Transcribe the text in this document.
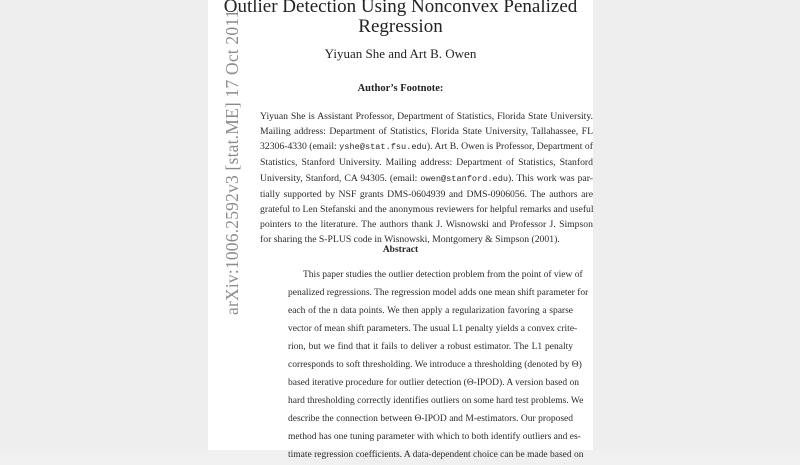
Outlier Detection Using Nonconvex Penalized
Regression
Yiyuan She and Art B. Owen
Author’s Footnote:
Yiyuan She is Assistant Professor, Department of Statistics, Florida State University.
Mailing address: Department of Statistics, Florida State University, Tallahassee, FL
32306-4330 (email: yshe@stat.fsu.edu). Art B. Owen is Professor, Department of
Statistics, Stanford University. Mailing address: Department of Statistics, Stanford
University, Stanford, CA 94305. (email: owen@stanford.edu). This work was par-
tially supported by NSF grants DMS-0604939 and DMS-0906056. The authors are
grateful to Len Stefanski and the anonymous reviewers for helpful remarks and useful
pointers to the literature. The authors thank J. Wisnowski and Professor J. Simpson
for sharing the S-PLUS code in Wisnowski, Montgomery & Simpson (2001).
Abstract
This paper studies the outlier detection problem from the point of view of
penalized regressions. The regression model adds one mean shift parameter for
each of the n data points. We then apply a regularization favoring a sparse
vector of mean shift parameters. The usual L1 penalty yields a convex crite-
rion, but we find that it fails to deliver a robust estimator. The L1 penalty
corresponds to soft thresholding. We introduce a thresholding (denoted by Θ)
based iterative procedure for outlier detection (Θ-IPOD). A version based on
hard thresholding correctly identifies outliers on some hard test problems. We
describe the connection between Θ-IPOD and M-estimators. Our proposed
method has one tuning parameter with which to both identify outliers and es-
timate regression coefficients. A data-dependent choice can be made based on
arXiv:1006.2592v3 [stat.ME] 17 Oct 2011
